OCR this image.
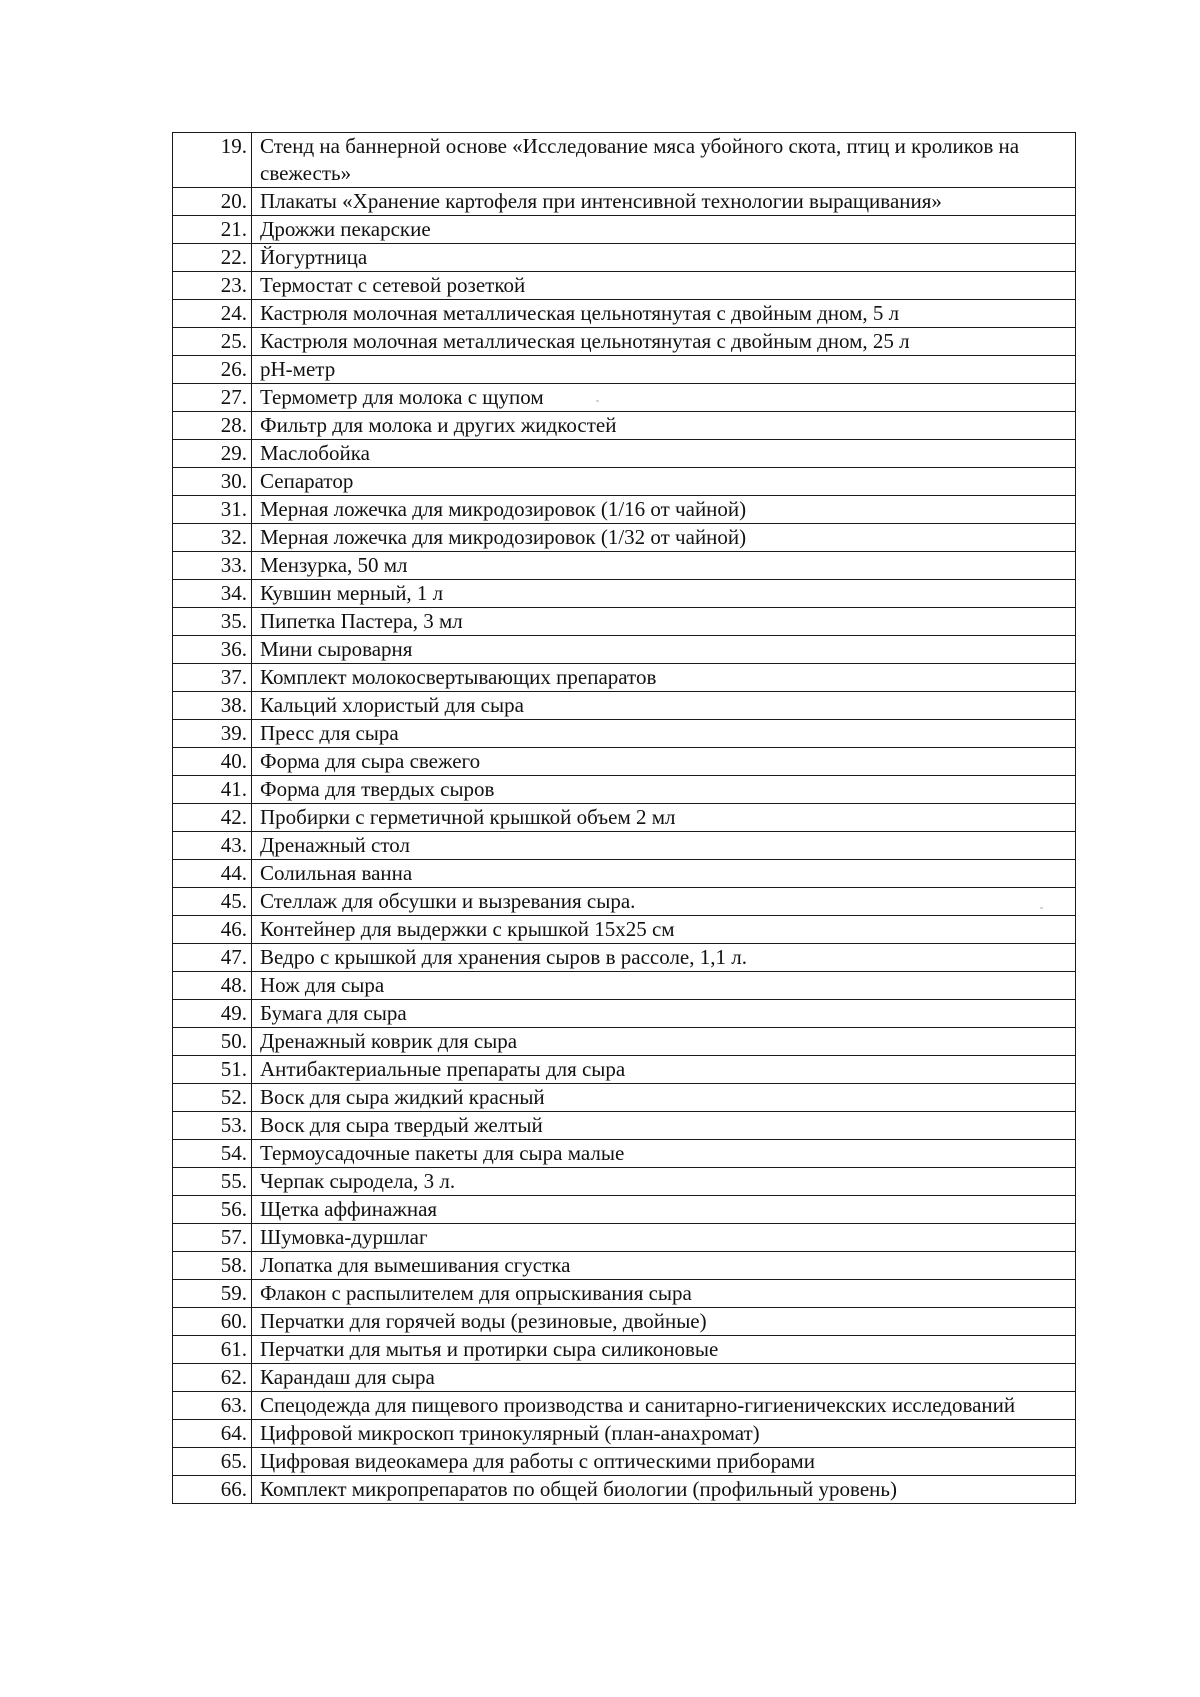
19.	Стенд на баннерной основе «Исследование мяса убойного скота, птиц и кроликов на свежесть»
20.	Плакаты «Хранение картофеля при интенсивной технологии выращивания»
21.	Дрожжи пекарские
22.	Йогуртница
23.	Термостат с сетевой розеткой
24.	Кастрюля молочная металлическая цельнотянутая с двойным дном, 5 л
25.	Кастрюля молочная металлическая цельнотянутая с двойным дном, 25 л
26.	pH-метр
27.	Термометр для молока с щупом
28.	Фильтр для молока и других жидкостей
29.	Маслобойка
30.	Сепаратор
31.	Мерная ложечка для микродозировок (1/16 от чайной)
32.	Мерная ложечка для микродозировок (1/32 от чайной)
33.	Мензурка, 50 мл
34.	Кувшин мерный, 1 л
35.	Пипетка Пастера, 3 мл
36.	Мини сыроварня
37.	Комплект молокосвертывающих препаратов
38.	Кальций хлористый для сыра
39.	Пресс для сыра
40.	Форма для сыра свежего
41.	Форма для твердых сыров
42.	Пробирки с герметичной крышкой объем 2 мл
43.	Дренажный стол
44.	Солильная ванна
45.	Стеллаж для обсушки и вызревания сыра.
46.	Контейнер для выдержки с крышкой 15х25 см
47.	Ведро с крышкой для хранения сыров в рассоле, 1,1 л.
48.	Нож для сыра
49.	Бумага для сыра
50.	Дренажный коврик для сыра
51.	Антибактериальные препараты для сыра
52.	Воск для сыра жидкий красный
53.	Воск для сыра твердый желтый
54.	Термоусадочные пакеты для сыра малые
55.	Черпак сыродела, 3 л.
56.	Щетка аффинажная
57.	Шумовка-дуршлаг
58.	Лопатка для вымешивания сгустка
59.	Флакон с распылителем для опрыскивания сыра
60.	Перчатки для горячей воды (резиновые, двойные)
61.	Перчатки для мытья и протирки сыра силиконовые
62.	Карандаш для сыра
63.	Спецодежда для пищевого производства и санитарно-гигиеничекских исследований
64.	Цифровой микроскоп тринокулярный (план-анахромат)
65.	Цифровая видеокамера для работы с оптическими приборами
66.	Комплект микропрепаратов по общей биологии (профильный уровень)
